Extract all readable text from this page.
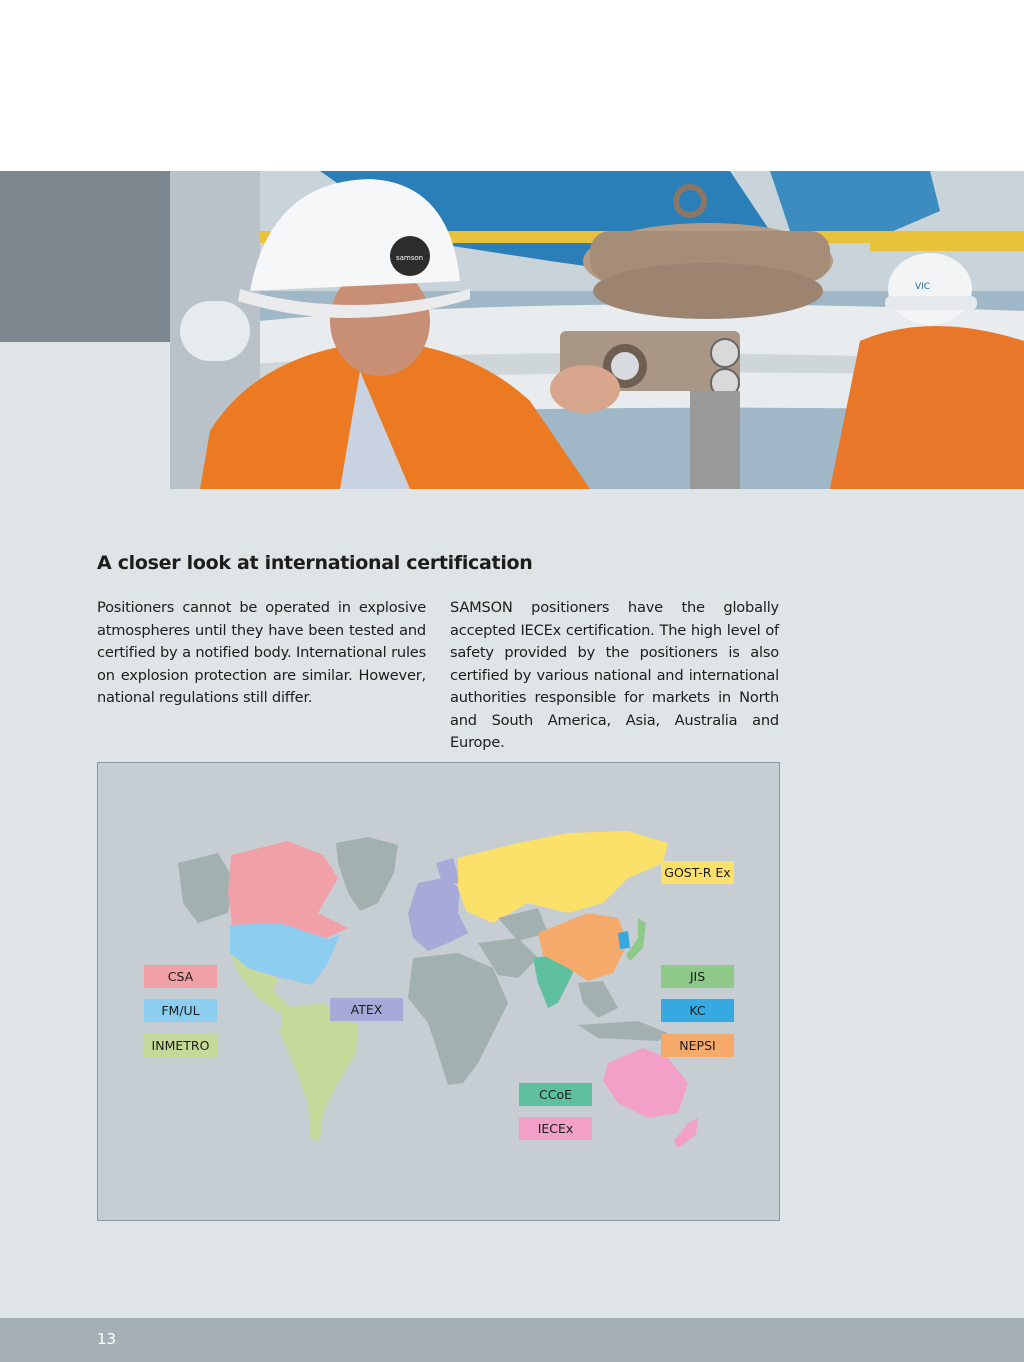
VIC
samson
A closer look at international certification

Positioners cannot be operated in explosive atmospheres until they have been tested and certified by a notified body. International rules on explosion protection are similar. However, national regulations still differ.

SAMSON positioners have the globally accepted IECEx certification. The high level of safety provided by the positioners is also certified by various national and international authorities responsible for markets in North and South America, Asia, Australia and Europe.

CSA
FM/UL
INMETRO
ATEX
GOST-R Ex
JIS
KC
NEPSI
CCoE
IECEx
13
